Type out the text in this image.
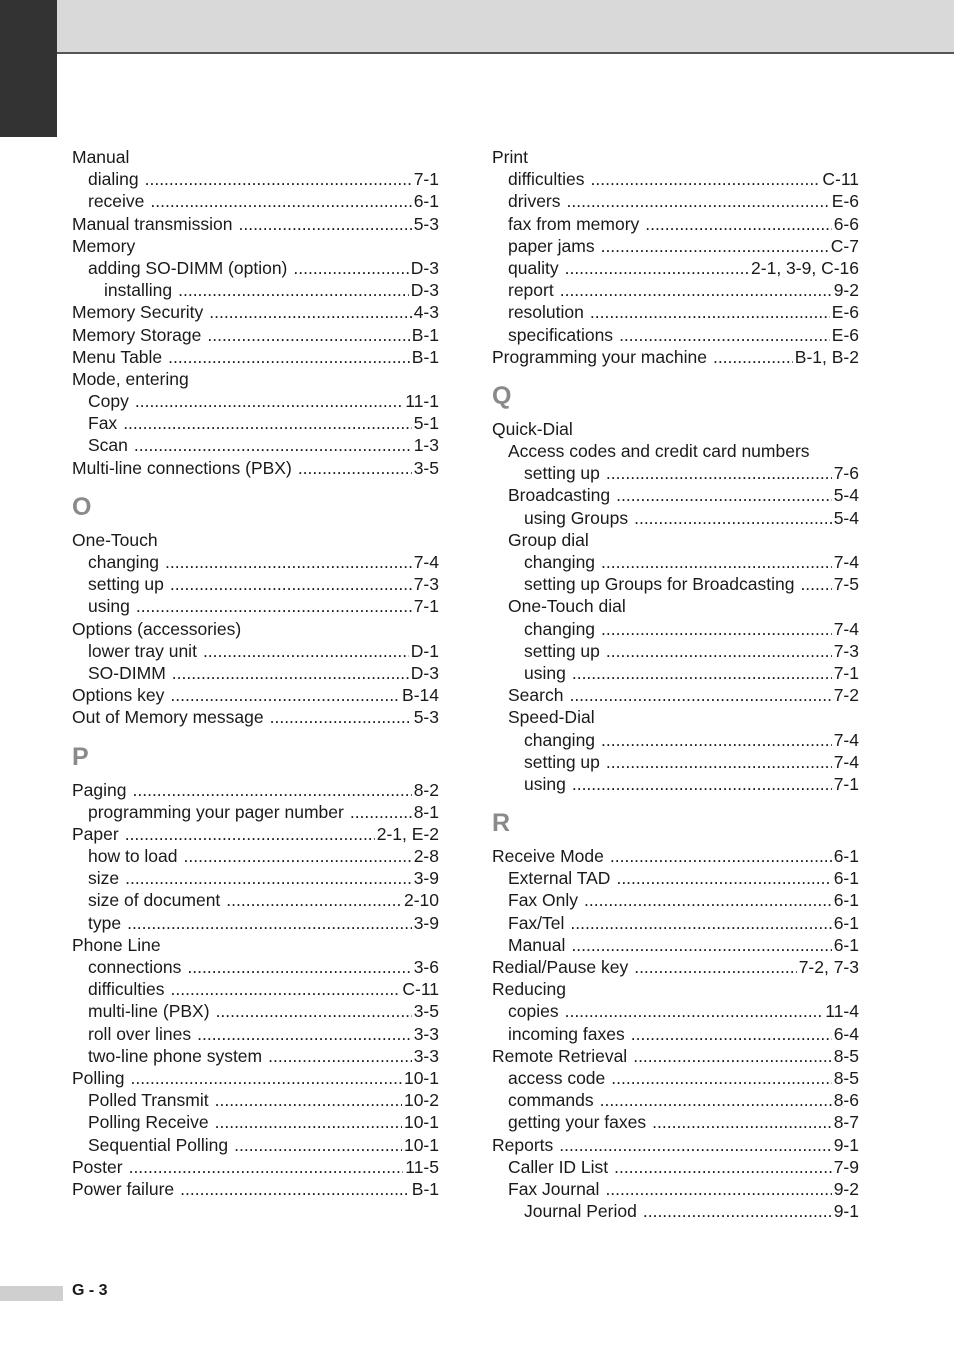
Manual
dialing .....	7-1
receive .....	6-1
Manual transmission .....	5-3
Memory
adding SO-DIMM (option) .....	D-3
installing .....	D-3
Memory Security .....	4-3
Memory Storage .....	B-1
Menu Table .....	B-1
Mode, entering
Copy .....	11-1
Fax .....	5-1
Scan .....	1-3
Multi-line connections (PBX) .....	3-5
O
One-Touch
changing .....	7-4
setting up .....	7-3
using .....	7-1
Options (accessories)
lower tray unit .....	D-1
SO-DIMM .....	D-3
Options key .....	B-14
Out of Memory message .....	5-3
P
Paging .....	8-2
programming your pager number .....	8-1
Paper .....	2-1, E-2
how to load .....	2-8
size .....	3-9
size of document .....	2-10
type .....	3-9
Phone Line
connections .....	3-6
difficulties .....	C-11
multi-line (PBX) .....	3-5
roll over lines .....	3-3
two-line phone system .....	3-3
Polling .....	10-1
Polled Transmit .....	10-2
Polling Receive .....	10-1
Sequential Polling .....	10-1
Poster .....	11-5
Power failure .....	B-1
Print
difficulties .....	C-11
drivers .....	E-6
fax from memory .....	6-6
paper jams .....	C-7
quality .....	2-1, 3-9, C-16
report .....	9-2
resolution .....	E-6
specifications .....	E-6
Programming your machine .....	B-1, B-2
Q
Quick-Dial
Access codes and credit card numbers
setting up .....	7-6
Broadcasting .....	5-4
using Groups .....	5-4
Group dial
changing .....	7-4
setting up Groups for Broadcasting ..... 7-5
One-Touch dial
changing .....	7-4
setting up .....	7-3
using .....	7-1
Search .....	7-2
Speed-Dial
changing .....	7-4
setting up .....	7-4
using .....	7-1
R
Receive Mode .....	6-1
External TAD .....	6-1
Fax Only .....	6-1
Fax/Tel .....	6-1
Manual .....	6-1
Redial/Pause key .....	7-2, 7-3
Reducing
copies .....	11-4
incoming faxes .....	6-4
Remote Retrieval .....	8-5
access code .....	8-5
commands .....	8-6
getting your faxes .....	8-7
Reports .....	9-1
Caller ID List .....	7-9
Fax Journal .....	9-2
Journal Period .....	9-1
G - 3
